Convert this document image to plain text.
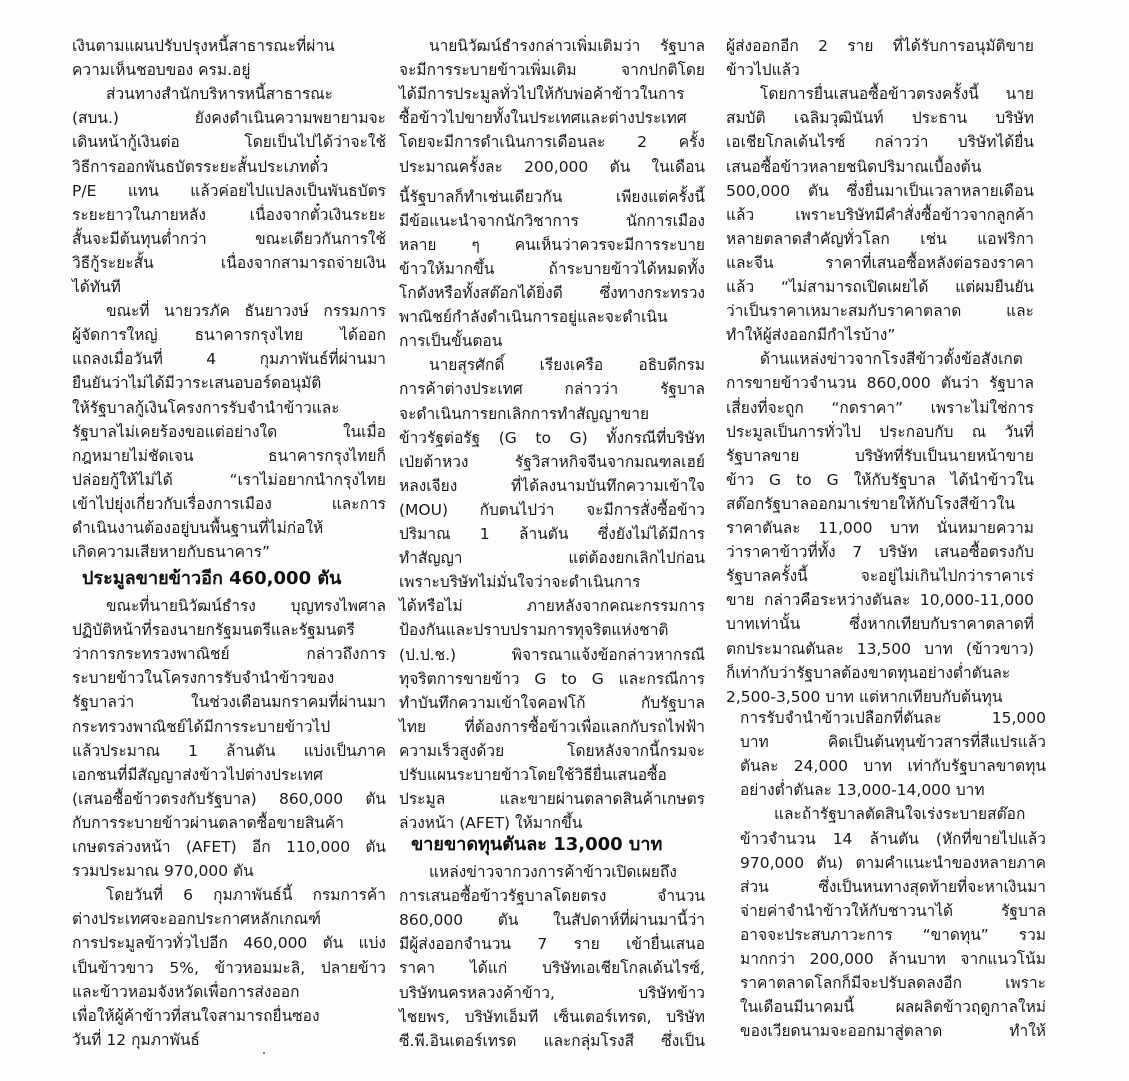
เงินตามแผนปรับปรุงหนี้สาธารณะที่ผ่าน
ความเห็นชอบของ ครม.อยู่
ส่วนทางสำนักบริหารหนี้สาธารณะ
(สบน.) ยังคงดำเนินความพยายามจะ
เดินหน้ากู้เงินต่อ โดยเป็นไปได้ว่าจะใช้
วิธีการออกพันธบัตรระยะสั้นประเภทตั๋ว
P/E แทน แล้วค่อยไปแปลงเป็นพันธบัตร
ระยะยาวในภายหลัง เนื่องจากตั๋วเงินระยะ
สั้นจะมีต้นทุนต่ำกว่า ขณะเดียวกันการใช้
วิธีกู้ระยะสั้น เนื่องจากสามารถจ่ายเงิน
ได้ทันที
ขณะที่ นายวรภัค ธันยาวงษ์ กรรมการ
ผู้จัดการใหญ่ ธนาคารกรุงไทย ได้ออก
แถลงเมื่อวันที่ 4 กุมภาพันธ์ที่ผ่านมา
ยืนยันว่าไม่ได้มีวาระเสนอบอร์ดอนุมัติ
ให้รัฐบาลกู้เงินโครงการรับจำนำข้าวและ
รัฐบาลไม่เคยร้องขอแต่อย่างใด ในเมื่อ
กฎหมายไม่ชัดเจน ธนาคารกรุงไทยก็
ปล่อยกู้ให้ไม่ได้ “เราไม่อยากนำกรุงไทย
เข้าไปยุ่งเกี่ยวกับเรื่องการเมือง และการ
ดำเนินงานต้องอยู่บนพื้นฐานที่ไม่ก่อให้
เกิดความเสียหายกับธนาคาร”
ประมูลขายข้าวอีก 460,000 ตัน
ขณะที่นายนิวัฒน์ธำรง บุญทรงไพศาล
ปฏิบัติหน้าที่รองนายกรัฐมนตรีและรัฐมนตรี
ว่าการกระทรวงพาณิชย์ กล่าวถึงการ
ระบายข้าวในโครงการรับจำนำข้าวของ
รัฐบาลว่า ในช่วงเดือนมกราคมที่ผ่านมา
กระทรวงพาณิชย์ได้มีการระบายข้าวไป
แล้วประมาณ 1 ล้านตัน แบ่งเป็นภาค
เอกชนที่มีสัญญาส่งข้าวไปต่างประเทศ
(เสนอซื้อข้าวตรงกับรัฐบาล) 860,000 ตัน
กับการระบายข้าวผ่านตลาดซื้อขายสินค้า
เกษตรล่วงหน้า (AFET) อีก 110,000 ตัน
รวมประมาณ 970,000 ตัน
โดยวันที่ 6 กุมภาพันธ์นี้ กรมการค้า
ต่างประเทศจะออกประกาศหลักเกณฑ์
การประมูลข้าวทั่วไปอีก 460,000 ตัน แบ่ง
เป็นข้าวขาว 5%, ข้าวหอมมะลิ, ปลายข้าว
และข้าวหอมจังหวัดเพื่อการส่งออก
เพื่อให้ผู้ค้าข้าวที่สนใจสามารถยื่นซอง
วันที่ 12 กุมภาพันธ์
นายนิวัฒน์ธำรงกล่าวเพิ่มเติมว่า รัฐบาล
จะมีการระบายข้าวเพิ่มเติม จากปกติโดย
ได้มีการประมูลทั่วไปให้กับพ่อค้าข้าวในการ
ซื้อข้าวไปขายทั้งในประเทศและต่างประเทศ
โดยจะมีการดำเนินการเดือนละ 2 ครั้ง
ประมาณครั้งละ 200,000 ตัน ในเดือน
นี้รัฐบาลก็ทำเช่นเดียวกัน เพียงแต่ครั้งนี้
มีข้อแนะนำจากนักวิชาการ นักการเมือง
หลาย ๆ คนเห็นว่าควรจะมีการระบาย
ข้าวให้มากขึ้น ถ้าระบายข้าวได้หมดทั้ง
โกดังหรือทั้งสต๊อกได้ยิ่งดี ซึ่งทางกระทรวง
พาณิชย์กำลังดำเนินการอยู่และจะดำเนิน
การเป็นขั้นตอน
นายสุรศักดิ์ เรียงเครือ อธิบดีกรม
การค้าต่างประเทศ กล่าวว่า รัฐบาล
จะดำเนินการยกเลิกการทำสัญญาขาย
ข้าวรัฐต่อรัฐ (G to G) ทั้งกรณีที่บริษัท
เป่ยต้าหวง รัฐวิสาหกิจจีนจากมณฑลเฮย์
หลงเจียง ที่ได้ลงนามบันทึกความเข้าใจ
(MOU) กับตนไปว่า จะมีการสั่งซื้อข้าว
ปริมาณ 1 ล้านตัน ซึ่งยังไม่ได้มีการ
ทำสัญญา แต่ต้องยกเลิกไปก่อน
เพราะบริษัทไม่มั่นใจว่าจะดำเนินการ
ได้หรือไม่ ภายหลังจากคณะกรรมการ
ป้องกันและปราบปรามการทุจริตแห่งชาติ
(ป.ป.ช.) พิจารณาแจ้งข้อกล่าวหากรณี
ทุจริตการขายข้าว G to G และกรณีการ
ทำบันทึกความเข้าใจคอฟโก้ กับรัฐบาล
ไทย ที่ต้องการซื้อข้าวเพื่อแลกกับรถไฟฟ้า
ความเร็วสูงด้วย โดยหลังจากนี้กรมจะ
ปรับแผนระบายข้าวโดยใช้วิธียื่นเสนอซื้อ
ประมูล และขายผ่านตลาดสินค้าเกษตร
ล่วงหน้า (AFET) ให้มากขึ้น
ขายขาดทุนตันละ 13,000 บาท
แหล่งข่าวจากวงการค้าข้าวเปิดเผยถึง
การเสนอซื้อข้าวรัฐบาลโดยตรง จำนวน
860,000 ตัน ในสัปดาห์ที่ผ่านมานี้ว่า
มีผู้ส่งออกจำนวน 7 ราย เข้ายื่นเสนอ
ราคา ได้แก่ บริษัทเอเชียโกลเด้นไรซ์,
บริษัทนครหลวงค้าข้าว, บริษัทข้าว
ไชยพร, บริษัทเอ็มที เซ็นเตอร์เทรด, บริษัท
ซี.พี.อินเตอร์เทรด และกลุ่มโรงสี ซึ่งเป็น
ผู้ส่งออกอีก 2 ราย ที่ได้รับการอนุมัติขาย
ข้าวไปแล้ว
โดยการยื่นเสนอซื้อข้าวตรงครั้งนี้ นาย
สมบัติ เฉลิมวุฒินันท์ ประธาน บริษัท
เอเชียโกลเด้นไรซ์ กล่าวว่า บริษัทได้ยื่น
เสนอซื้อข้าวหลายชนิดปริมาณเบื้องต้น
500,000 ตัน ซึ่งยื่นมาเป็นเวลาหลายเดือน
แล้ว เพราะบริษัทมีคำสั่งซื้อข้าวจากลูกค้า
หลายตลาดสำคัญทั่วโลก เช่น แอฟริกา
และจีน ราคาที่เสนอซื้อหลังต่อรองราคา
แล้ว “ไม่สามารถเปิดเผยได้ แต่ผมยืนยัน
ว่าเป็นราคาเหมาะสมกับราคาตลาด และ
ทำให้ผู้ส่งออกมีกำไรบ้าง”
ด้านแหล่งข่าวจากโรงสีข้าวตั้งข้อสังเกต
การขายข้าวจำนวน 860,000 ตันว่า รัฐบาล
เสี่ยงที่จะถูก “กดราคา” เพราะไม่ใช่การ
ประมูลเป็นการทั่วไป ประกอบกับ ณ วันที่
รัฐบาลขาย บริษัทที่รับเป็นนายหน้าขาย
ข้าว G to G ให้กับรัฐบาล ได้นำข้าวใน
สต๊อกรัฐบาลออกมาเร่ขายให้กับโรงสีข้าวใน
ราคาตันละ 11,000 บาท นั่นหมายความ
ว่าราคาข้าวที่ทั้ง 7 บริษัท เสนอซื้อตรงกับ
รัฐบาลครั้งนี้ จะอยู่ไม่เกินไปกว่าราคาเร่
ขาย กล่าวคือระหว่างตันละ 10,000-11,000
บาทเท่านั้น ซึ่งหากเทียบกับราคาตลาดที่
ตกประมาณตันละ 13,500 บาท (ข้าวขาว)
ก็เท่ากับว่ารัฐบาลต้องขาดทุนอย่างต่ำตันละ
2,500-3,500 บาท แต่หากเทียบกับต้นทุน
การรับจำนำข้าวเปลือกที่ตันละ 15,000
บาท คิดเป็นต้นทุนข้าวสารที่สีแปรแล้ว
ตันละ 24,000 บาท เท่ากับรัฐบาลขาดทุน
อย่างต่ำตันละ 13,000-14,000 บาท
และถ้ารัฐบาลตัดสินใจเร่งระบายสต๊อก
ข้าวจำนวน 14 ล้านตัน (หักที่ขายไปแล้ว
970,000 ตัน) ตามคำแนะนำของหลายภาค
ส่วน ซึ่งเป็นหนทางสุดท้ายที่จะหาเงินมา
จ่ายค่าจำนำข้าวให้กับชาวนาได้ รัฐบาล
อาจจะประสบภาวะการ “ขาดทุน” รวม
มากกว่า 200,000 ล้านบาท จากแนวโน้ม
ราคาตลาดโลกก็มีจะปรับลดลงอีก เพราะ
ในเดือนมีนาคมนี้ ผลผลิตข้าวฤดูกาลใหม่
ของเวียดนามจะออกมาสู่ตลาด ทำให้
